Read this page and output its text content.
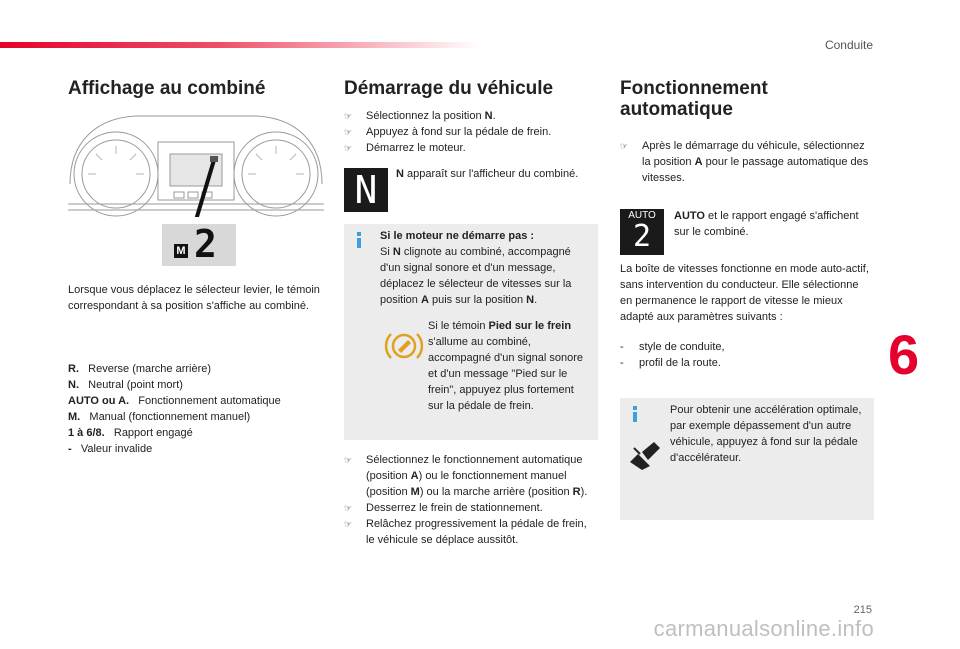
Conduite
6
215
carmanualsonline.info
Affichage au combiné
M 2
Lorsque vous déplacez le sélecteur levier, le témoin correspondant à sa position s'affiche au combiné.
R. Reverse (marche arrière)
N. Neutral (point mort)
AUTO ou A. Fonctionnement automatique
M. Manual (fonctionnement manuel)
1 à 6/8. Rapport engagé
- Valeur invalide
Démarrage du véhicule
☞ Sélectionnez la position N.
☞ Appuyez à fond sur la pédale de frein.
☞ Démarrez le moteur.
N	N apparaît sur l'afficheur du combiné.
Si le moteur ne démarre pas :
Si N clignote au combiné, accompagné d'un signal sonore et d'un message, déplacez le sélecteur de vitesses sur la position A puis sur la position N.
Si le témoin Pied sur le frein s'allume au combiné, accompagné d'un signal sonore et d'un message "Pied sur le frein", appuyez plus fortement sur la pédale de frein.
☞ Sélectionnez le fonctionnement automatique (position A) ou le fonctionnement manuel (position M) ou la marche arrière (position R).
☞ Desserrez le frein de stationnement.
☞ Relâchez progressivement la pédale de frein, le véhicule se déplace aussitôt.
Fonctionnement
automatique
☞ Après le démarrage du véhicule, sélectionnez la position A pour le passage automatique des vitesses.
AUTO
2
AUTO et le rapport engagé s'affichent sur le combiné.
La boîte de vitesses fonctionne en mode auto-actif, sans intervention du conducteur. Elle sélectionne en permanence le rapport de vitesse le mieux adapté aux paramètres suivants :
-     style de conduite,
-     profil de la route.
Pour obtenir une accélération optimale, par exemple dépassement d'un autre véhicule, appuyez à fond sur la pédale d'accélérateur.
